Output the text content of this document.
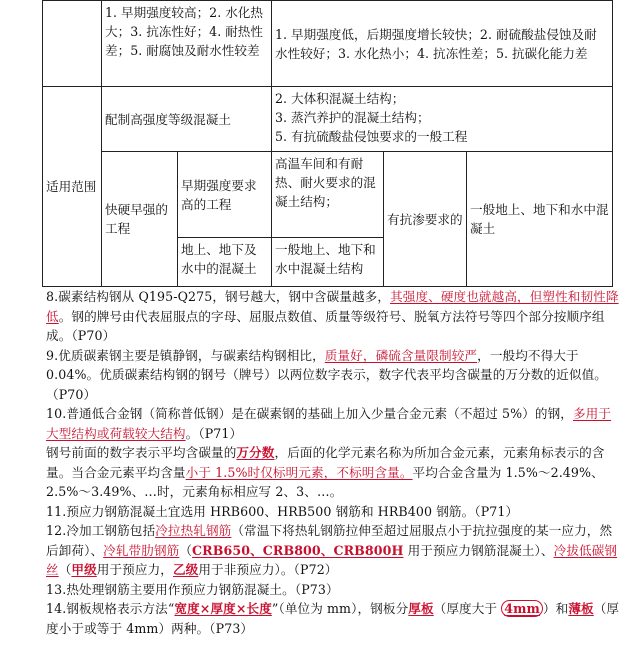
1. 早期强度较高；2. 水化热大；3. 抗冻性好；4. 耐热性差；5. 耐腐蚀及耐水性较差
1. 早期强度低，后期强度增长较快；2. 耐硫酸盐侵蚀及耐水性较好；3. 水化热小；4. 抗冻性差；5. 抗碳化能力差
配制高强度等级混凝土
2. 大体积混凝土结构；
3. 蒸汽养护的混凝土结构；
5. 有抗硫酸盐侵蚀要求的一般工程
适用范围
快硬早强的工程
早期强度要求高的工程
高温车间和有耐热、耐火要求的混凝土结构；
有抗渗要求的
一般地上、地下和水中混凝土
地上、地下及水中的混凝土
一般地上、地下和水中混凝土结构

8.碳素结构钢从 Q195-Q275，钢号越大，钢中含碳量越多，其强度、硬度也就越高，但塑性和韧性降低。钢的牌号由代表屈服点的字母、屈服点数值、质量等级符号、脱氧方法符号等四个部分按顺序组成。（P70）

9.优质碳素钢主要是镇静钢，与碳素结构钢相比，质量好，磷硫含量限制较严，一般均不得大于 0.04%。优质碳素结构钢的钢号（牌号）以两位数字表示，数字代表平均含碳量的万分数的近似值。（P70）

10.普通低合金钢（简称普低钢）是在碳素钢的基础上加入少量合金元素（不超过 5%）的钢，多用于大型结构或荷载较大结构。（P71）

钢号前面的数字表示平均含碳量的万分数，后面的化学元素名称为所加合金元素，元素角标表示的含量。当合金元素平均含量小于 1.5%时仅标明元素，不标明含量。平均合金含量为 1.5%～2.49%、2.5%～3.49%、…时，元素角标相应写 2、3、…。

11.预应力钢筋混凝土宜选用 HRB600、HRB500 钢筋和 HRB400 钢筋。（P71）

12.冷加工钢筋包括冷拉热轧钢筋（常温下将热轧钢筋拉伸至超过屈服点小于抗拉强度的某一应力，然后卸荷）、冷轧带肋钢筋（CRB650、CRB800、CRB800H 用于预应力钢筋混凝土）、冷拔低碳钢丝（甲级用于预应力，乙级用于非预应力）。（P72）

13.热处理钢筋主要用作预应力钢筋混凝土。（P73）

14.钢板规格表示方法“宽度×厚度×长度”（单位为 mm），钢板分厚板（厚度大于 4mm ）和薄板（厚度小于或等于 4mm）两种。（P73）
